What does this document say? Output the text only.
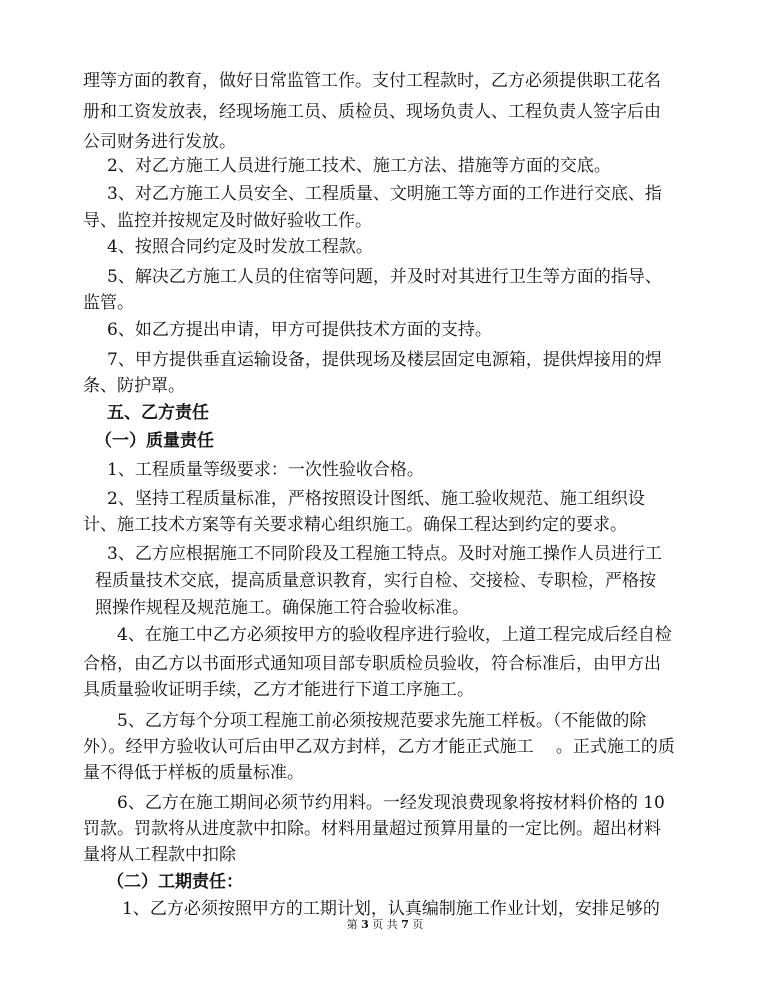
理等方面的教育，做好日常监管工作。支付工程款时，乙方必须提供职工花名
册和工资发放表，经现场施工员、质检员、现场负责人、工程负责人签字后由
公司财务进行发放。
2、对乙方施工人员进行施工技术、施工方法、措施等方面的交底。
3、对乙方施工人员安全、工程质量、文明施工等方面的工作进行交底、指
导、监控并按规定及时做好验收工作。
4、按照合同约定及时发放工程款。
5、解决乙方施工人员的住宿等问题，并及时对其进行卫生等方面的指导、
监管。
6、如乙方提出申请，甲方可提供技术方面的支持。
7、甲方提供垂直运输设备，提供现场及楼层固定电源箱，提供焊接用的焊
条、防护罩。
五、乙方责任
（一）质量责任
1、工程质量等级要求：一次性验收合格。
2、坚持工程质量标准，严格按照设计图纸、施工验收规范、施工组织设
计、施工技术方案等有关要求精心组织施工。确保工程达到约定的要求。
3、乙方应根据施工不同阶段及工程施工特点。及时对施工操作人员进行工
程质量技术交底，提高质量意识教育，实行自检、交接检、专职检，严格按
照操作规程及规范施工。确保施工符合验收标准。
4、在施工中乙方必须按甲方的验收程序进行验收，上道工程完成后经自检
合格，由乙方以书面形式通知项目部专职质检员验收，符合标准后，由甲方出
具质量验收证明手续，乙方才能进行下道工序施工。
5、乙方每个分项工程施工前必须按规范要求先施工样板。（不能做的除
外）。经甲方验收认可后由甲乙双方封样，乙方才能正式施工 　。正式施工的质
量不得低于样板的质量标准。
6、乙方在施工期间必须节约用料。一经发现浪费现象将按材料价格的 10
罚款。罚款将从进度款中扣除。材料用量超过预算用量的一定比例。超出材料
量将从工程款中扣除
（二）工期责任：
1、乙方必须按照甲方的工期计划，认真编制施工作业计划，安排足够的
第 3 页 共 7 页
